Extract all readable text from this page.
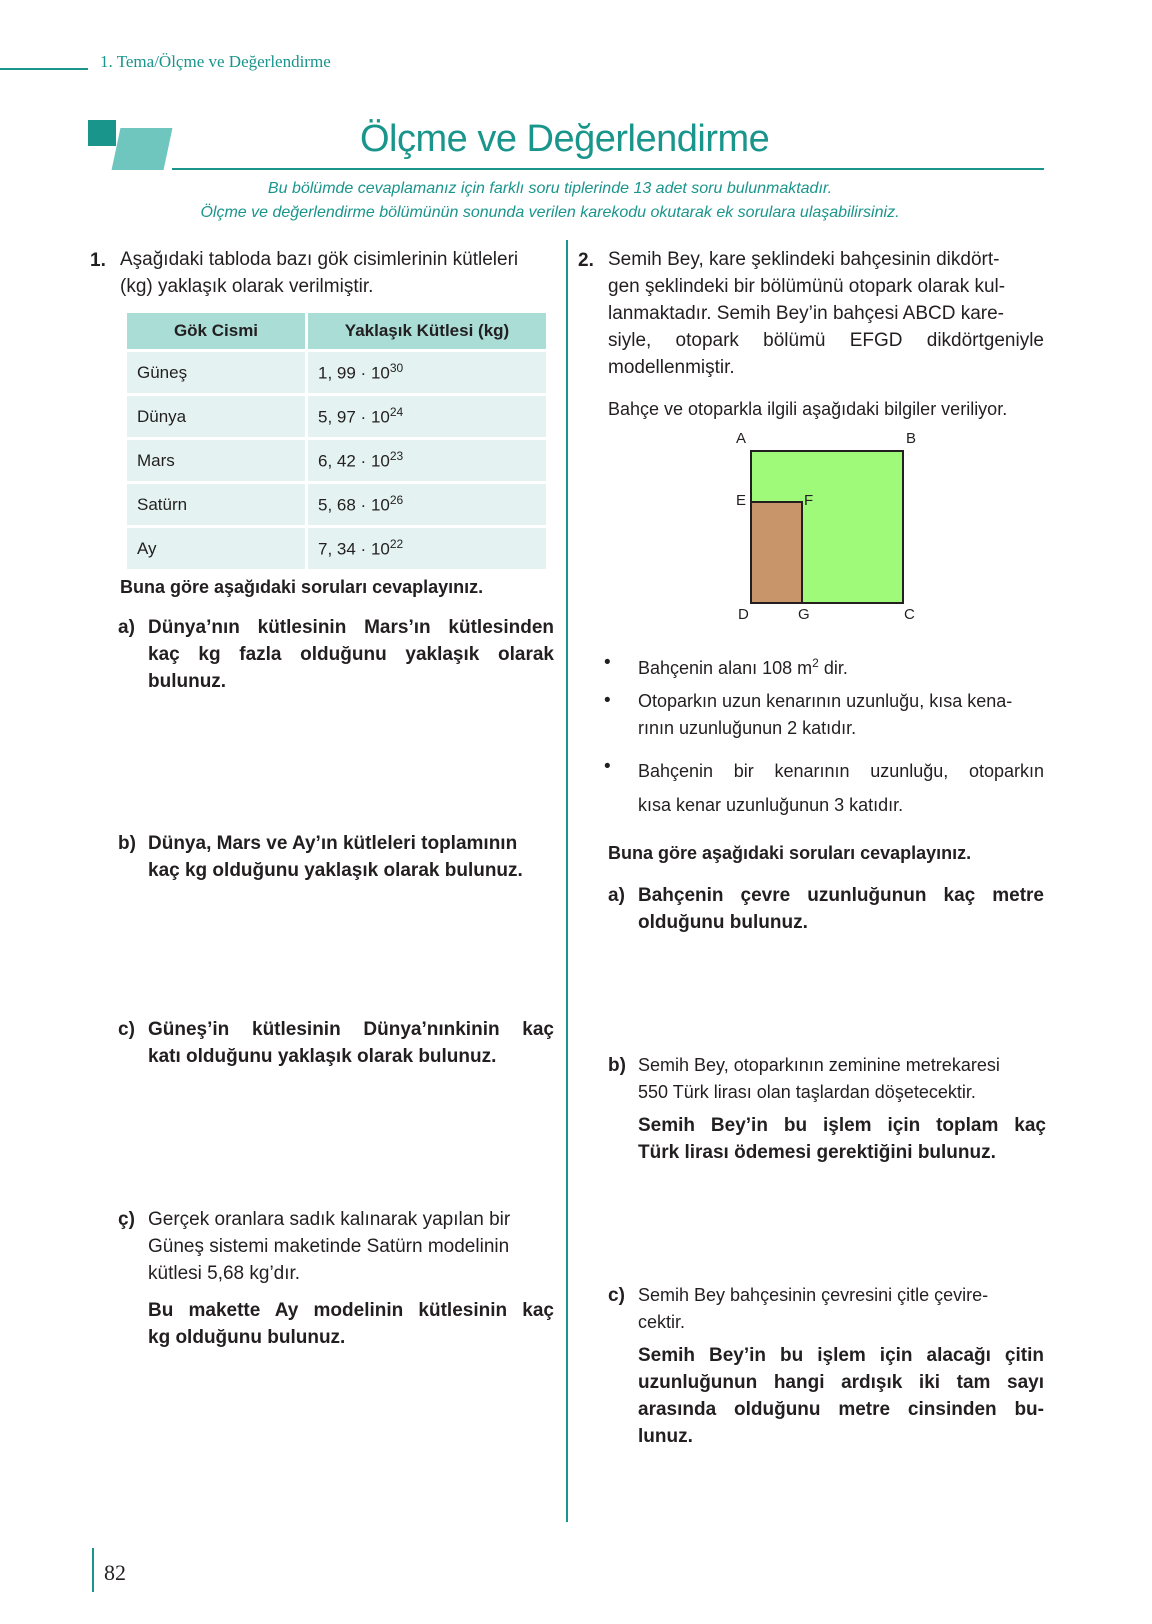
1. Tema/Ölçme ve Değerlendirme
Ölçme ve Değerlendirme
Bu bölümde cevaplamanız için farklı soru tiplerinde 13 adet soru bulunmaktadır.
Ölçme ve değerlendirme bölümünün sonunda verilen karekodu okutarak ek sorulara ulaşabilirsiniz.
1. Aşağıdaki tabloda bazı gök cisimlerinin kütleleri
(kg) yaklaşık olarak verilmiştir.
Gök Cismi	Yaklaşık Kütlesi (kg)
Güneş	1, $99 \cdot 10^{30}$
Dünya	5, $97 \cdot 10^{24}$
Mars	6, $42 \cdot 10^{23}$
Satürn	5, $68 \cdot 10^{26}$
Ay	7, $34 \cdot 10^{22}$
Buna göre aşağıdaki soruları cevaplayınız.
a) Dünya’nın kütlesinin Mars’ın kütlesinden
kaç kg fazla olduğunu yaklaşık olarak
bulunuz.
b) Dünya, Mars ve Ay’ın kütleleri toplamının
kaç kg olduğunu yaklaşık olarak bulunuz.
c) Güneş’in kütlesinin Dünya’nınkinin kaç
katı olduğunu yaklaşık olarak bulunuz.
ç) Gerçek oranlara sadık kalınarak yapılan bir
Güneş sistemi maketinde Satürn modelinin
kütlesi 5,68 kg’dır.
Bu makette Ay modelinin kütlesinin kaç
kg olduğunu bulunuz.
2. Semih Bey, kare şeklindeki bahçesinin dikdört-
gen şeklindeki bir bölümünü otopark olarak kul-
lanmaktadır. Semih Bey’in bahçesi ABCD kare-
siyle, otopark bölümü EFGD dikdörtgeniyle
modellenmiştir.
Bahçe ve otoparkla ilgili aşağıdaki bilgiler veriliyor.
A	B
C
D
E	F
G
• Bahçenin alanı 108 $m^2$ dir.
• Otoparkın uzun kenarının uzunluğu, kısa kena-
rının uzunluğunun 2 katıdır.
• Bahçenin bir kenarının uzunluğu, otoparkın
kısa kenar uzunluğunun 3 katıdır.
Buna göre aşağıdaki soruları cevaplayınız.
a) Bahçenin çevre uzunluğunun kaç metre
olduğunu bulunuz.
b) Semih Bey, otoparkının zeminine metrekaresi
550 Türk lirası olan taşlardan döşetecektir.
Semih Bey’in bu işlem için toplam kaç
Türk lirası ödemesi gerektiğini bulunuz.
c) Semih Bey bahçesinin çevresini çitle çevire-
cektir.
Semih Bey’in bu işlem için alacağı çitin
uzunluğunun hangi ardışık iki tam sayı
arasında olduğunu metre cinsinden bu-
lunuz.
82
